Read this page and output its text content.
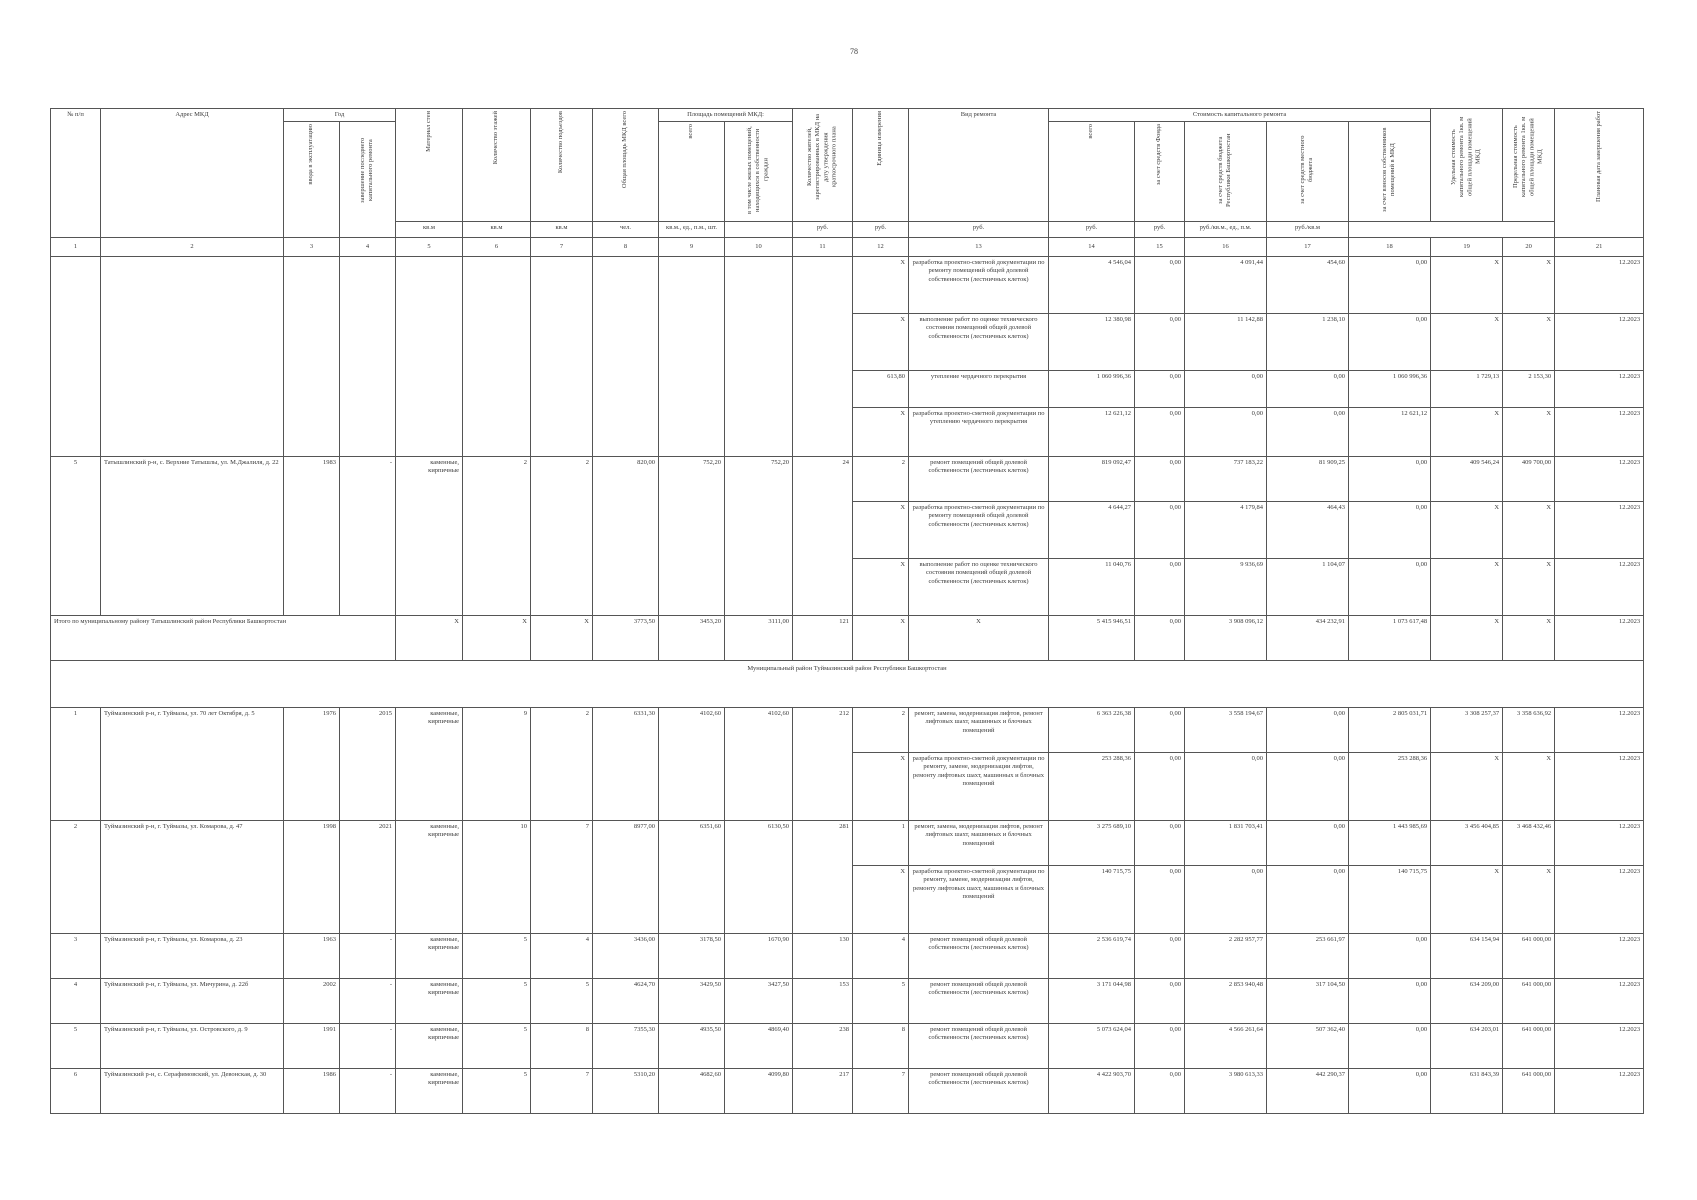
78
№ п/п	Адрес МКД	Год		Материал стен	Количество этажей	Количество подъездов	Общая площадь МКД всего	Площадь помещений МКД:		Количество жителей, зарегистрированных в МКД на дату утверждения краткосрочного плана	Единица измерения	Вид ремонта	Стоимость капитального ремонта					Удельная стоимость капитального ремонта 1кв. м общей площади помещений МКД	Предельная стоимость капитального ремонта 1кв. м общей площади помещений МКД	Плановая дата завершения работ
		ввода в эксплуатацию	завершение последнего капитального ремонта					всего	в том числе жилых помещений, находящихся в собственности граждан				всего	за счет средств Фонда	за счет средств бюджета Республики Башкортостан	за счет средств местного бюджета	за счет взносов собственников помещений в МКД			
				кв.м	кв.м	кв.м	чел.	кв.м., ед., п.м., шт.		руб.	руб.	руб.	руб.	руб.	руб./кв.м., ед., п.м.	руб./кв.м				
1	2	3	4	5	6	7	8	9	10	11	12	13	14	15	16	17	18	19	20	21
											X	разработка проектно-сметной документации по ремонту помещений общей долевой собственности (лестничных клеток)	4 546,04	0,00	4 091,44	454,60	0,00	X	X	12.2023
											X	выполнение работ по оценке технического состояния помещений общей долевой собственности (лестничных клеток)	12 380,98	0,00	11 142,88	1 238,10	0,00	X	X	12.2023
											613,80	утепление чердачного перекрытия	1 060 996,36	0,00	0,00	0,00	1 060 996,36	1 729,13	2 153,30	12.2023
											X	разработка проектно-сметной документации по утеплению чердачного перекрытия	12 621,12	0,00	0,00	0,00	12 621,12	X	X	12.2023
5	Татышлинский р-н, с. Верхние Татышлы, ул. М.Джалиля, д. 22	1983	-	каменные, кирпичные	2	2	820,00	752,20	752,20	24	2	ремонт помещений общей долевой собственности (лестничных клеток)	819 092,47	0,00	737 183,22	81 909,25	0,00	409 546,24	409 700,00	12.2023
											X	разработка проектно-сметной документации по ремонту помещений общей долевой собственности (лестничных клеток)	4 644,27	0,00	4 179,84	464,43	0,00	X	X	12.2023
											X	выполнение работ по оценке технического состояния помещений общей долевой собственности (лестничных клеток)	11 040,76	0,00	9 936,69	1 104,07	0,00	X	X	12.2023
Итого по муниципальному району Татышлинский район Республики Башкортостан				X	X	X	3773,50	3453,20	3111,00	121	X	X	5 415 946,51	0,00	3 908 096,12	434 232,91	1 073 617,48	X	X	12.2023
Муниципальный район Туймазинский район Республики Башкортостан																				
1	Туймазинский р-н, г. Туймазы, ул. 70 лет Октября, д. 5	1976	2015	каменные, кирпичные	9	2	6331,30	4102,60	4102,60	212	2	ремонт, замена, модернизация лифтов, ремонт лифтовых шахт, машинных и блочных помещений	6 363 226,38	0,00	3 558 194,67	0,00	2 805 031,71	3 308 257,37	3 358 636,92	12.2023
											X	разработка проектно-сметной документации по ремонту, замене, модернизации лифтов, ремонту лифтовых шахт, машинных и блочных помещений	253 288,36	0,00	0,00	0,00	253 288,36	X	X	12.2023
2	Туймазинский р-н, г. Туймазы, ул. Комарова, д. 47	1998	2021	каменные, кирпичные	10	7	8977,00	6351,60	6130,50	281	1	ремонт, замена, модернизация лифтов, ремонт лифтовых шахт, машинных и блочных помещений	3 275 689,10	0,00	1 831 703,41	0,00	1 443 985,69	3 456 404,85	3 468 432,46	12.2023
											X	разработка проектно-сметной документации по ремонту, замене, модернизации лифтов, ремонту лифтовых шахт, машинных и блочных помещений	140 715,75	0,00	0,00	0,00	140 715,75	X	X	12.2023
3	Туймазинский р-н, г. Туймазы, ул. Комарова, д. 23	1963	-	каменные, кирпичные	5	4	3436,00	3178,50	1670,90	130	4	ремонт помещений общей долевой собственности (лестничных клеток)	2 536 619,74	0,00	2 282 957,77	253 661,97	0,00	634 154,94	641 000,00	12.2023
4	Туймазинский р-н, г. Туймазы, ул. Мичурина, д. 22б	2002	-	каменные, кирпичные	5	5	4624,70	3429,50	3427,50	153	5	ремонт помещений общей долевой собственности (лестничных клеток)	3 171 044,98	0,00	2 853 940,48	317 104,50	0,00	634 209,00	641 000,00	12.2023
5	Туймазинский р-н, г. Туймазы, ул. Островского, д. 9	1991	-	каменные, кирпичные	5	8	7355,30	4935,50	4869,40	238	8	ремонт помещений общей долевой собственности (лестничных клеток)	5 073 624,04	0,00	4 566 261,64	507 362,40	0,00	634 203,01	641 000,00	12.2023
6	Туймазинский р-н, с. Серафимовский, ул. Девонская, д. 30	1986	-	каменные, кирпичные	5	7	5310,20	4682,60	4099,80	217	7	ремонт помещений общей долевой собственности (лестничных клеток)	4 422 903,70	0,00	3 980 613,33	442 290,37	0,00	631 843,39	641 000,00	12.2023
